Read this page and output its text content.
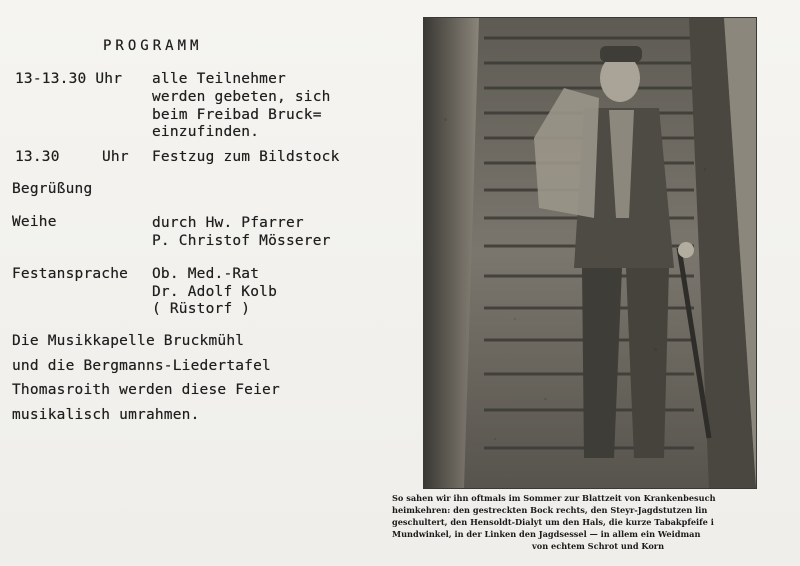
PROGRAMM
13-13.30 Uhr alle Teilnehmer
werden gebeten, sich
beim Freibad Bruck=
einzufinden.
13.30	Uhr Festzug zum Bildstock
Begrüßung
Weihe	durch Hw. Pfarrer
P. Christof Mösserer
Festansprache Ob. Med.-Rat
Dr. Adolf Kolb
( Rüstorf )
Die Musikkapelle Bruckmühl
und die Bergmanns-Liedertafel
Thomasroith werden diese Feier
musikalisch umrahmen.
So sahen wir ihn oftmals im Sommer zur Blattzeit von Krankenbesuch
heimkehren: den gestreckten Bock rechts, den Steyr-Jagdstutzen lin
geschultert, den Hensoldt-Dialyt um den Hals, die kurze Tabakpfeife i
Mundwinkel, in der Linken den Jagdsessel — in allem ein Weidman
von echtem Schrot und Korn
